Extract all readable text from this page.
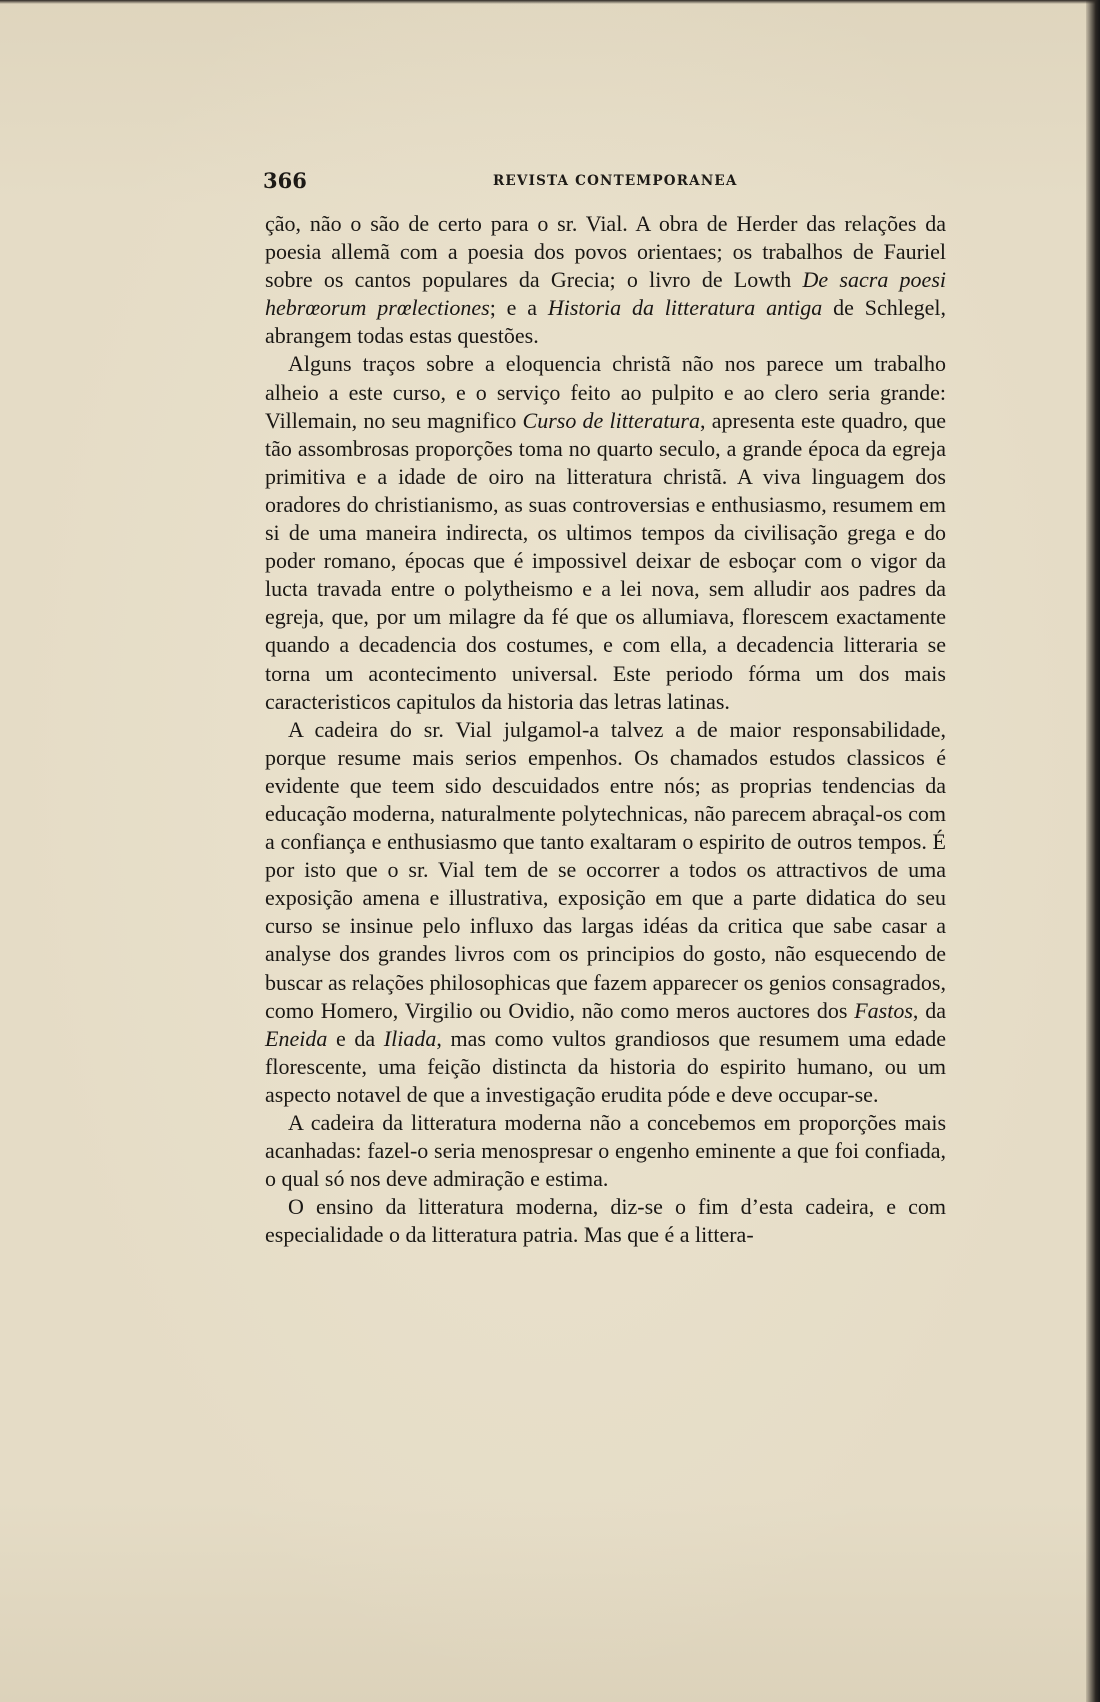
366	REVISTA CONTEMPORANEA

ção, não o são de certo para o sr. Vial. A obra de Herder das relações da poesia allemã com a poesia dos povos orientaes; os trabalhos de Fauriel sobre os cantos populares da Grecia; o livro de Lowth De sacra poesi hebrœorum prœlectiones; e a Historia da litteratura antiga de Schlegel, abrangem todas estas questões.

Alguns traços sobre a eloquencia christã não nos parece um trabalho alheio a este curso, e o serviço feito ao pulpito e ao clero seria grande: Villemain, no seu magnifico Curso de litteratura, apresenta este quadro, que tão assombrosas proporções toma no quarto seculo, a grande época da egreja primitiva e a idade de oiro na litteratura christã. A viva linguagem dos oradores do christianismo, as suas controversias e enthusiasmo, resumem em si de uma maneira indirecta, os ultimos tempos da civilisação grega e do poder romano, épocas que é impossivel deixar de esboçar com o vigor da lucta travada entre o polytheismo e a lei nova, sem alludir aos padres da egreja, que, por um milagre da fé que os allumiava, florescem exactamente quando a decadencia dos costumes, e com ella, a decadencia litteraria se torna um acontecimento universal. Este periodo fórma um dos mais caracteristicos capitulos da historia das letras latinas.

A cadeira do sr. Vial julgamol-a talvez a de maior responsabilidade, porque resume mais serios empenhos. Os chamados estudos classicos é evidente que teem sido descuidados entre nós; as proprias tendencias da educação moderna, naturalmente polytechnicas, não parecem abraçal-os com a confiança e enthusiasmo que tanto exaltaram o espirito de outros tempos. É por isto que o sr. Vial tem de se occorrer a todos os attractivos de uma exposição amena e illustrativa, exposição em que a parte didatica do seu curso se insinue pelo influxo das largas idéas da critica que sabe casar a analyse dos grandes livros com os principios do gosto, não esquecendo de buscar as relações philosophicas que fazem apparecer os genios consagrados, como Homero, Virgilio ou Ovidio, não como meros auctores dos Fastos, da Eneida e da Iliada, mas como vultos grandiosos que resumem uma edade florescente, uma feição distincta da historia do espirito humano, ou um aspecto notavel de que a investigação erudita póde e deve occupar-se.

A cadeira da litteratura moderna não a concebemos em proporções mais acanhadas: fazel-o seria menospresar o engenho eminente a que foi confiada, o qual só nos deve admiração e estima.

O ensino da litteratura moderna, diz-se o fim d’esta cadeira, e com especialidade o da litteratura patria. Mas que é a littera-
